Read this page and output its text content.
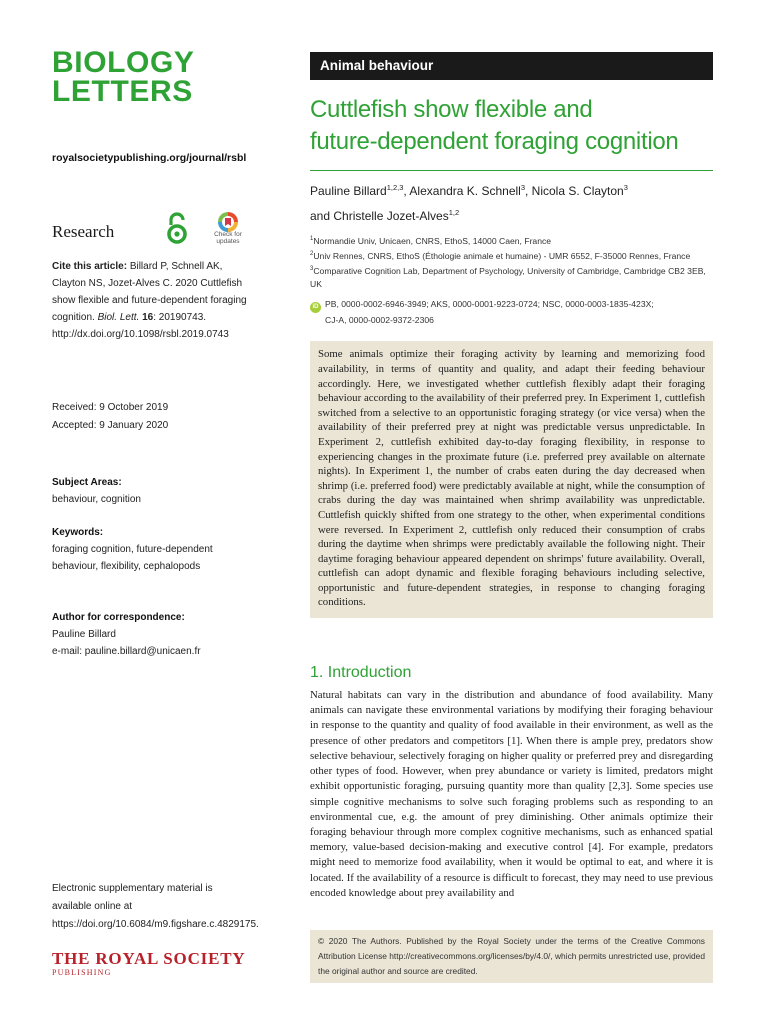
BIOLOGY
LETTERS
royalsocietypublishing.org/journal/rsbl
Research	Check for updates
Cite this article: Billard P, Schnell AK, Clayton NS, Jozet-Alves C. 2020 Cuttlefish show flexible and future-dependent foraging cognition. Biol. Lett. 16: 20190743.
http://dx.doi.org/10.1098/rsbl.2019.0743
Received: 9 October 2019
Accepted: 9 January 2020
Subject Areas:
behaviour, cognition
Keywords:
foraging cognition, future-dependent behaviour, flexibility, cephalopods
Author for correspondence:
Pauline Billard
e-mail: pauline.billard@unicaen.fr
Electronic supplementary material is available online at https://doi.org/10.6084/m9.figshare.c.4829175.
THE ROYAL SOCIETY
PUBLISHING
Animal behaviour
Cuttlefish show flexible and
future-dependent foraging cognition
Pauline Billard$^{1,2,3}$, Alexandra K. Schnell$^3$, Nicola S. Clayton$^3$
and Christelle Jozet-Alves$^{1,2}$
$^1$Normandie Univ, Unicaen, CNRS, EthoS, 14000 Caen, France
$^2$Univ Rennes, CNRS, EthoS (Éthologie animale et humaine) - UMR 6552, F-35000 Rennes, France
$^3$Comparative Cognition Lab, Department of Psychology, University of Cambridge, Cambridge CB2 3EB, UK
iD PB, 0000-0002-6946-3949; AKS, 0000-0001-9223-0724; NSC, 0000-0003-1835-423X;
CJ-A, 0000-0002-9372-2306
Some animals optimize their foraging activity by learning and memorizing food availability, in terms of quantity and quality, and adapt their feeding behaviour accordingly. Here, we investigated whether cuttlefish flexibly adapt their foraging behaviour according to the availability of their preferred prey. In Experiment 1, cuttlefish switched from a selective to an opportunistic foraging strategy (or vice versa) when the availability of their preferred prey at night was predictable versus unpredictable. In Experiment 2, cuttlefish exhibited day-to-day foraging flexibility, in response to experiencing changes in the proximate future (i.e. preferred prey available on alternate nights). In Experiment 1, the number of crabs eaten during the day decreased when shrimp (i.e. preferred food) were predictably available at night, while the consumption of crabs during the day was maintained when shrimp availability was unpredictable. Cuttlefish quickly shifted from one strategy to the other, when experimental conditions were reversed. In Experiment 2, cuttlefish only reduced their consumption of crabs during the daytime when shrimps were predictably available the following night. Their daytime foraging behaviour appeared dependent on shrimps' future availability. Overall, cuttlefish can adopt dynamic and flexible foraging behaviours including selective, opportunistic and future-dependent strategies, in response to changing foraging conditions.
1. Introduction
Natural habitats can vary in the distribution and abundance of food availability. Many animals can navigate these environmental variations by modifying their foraging behaviour in response to the quantity and quality of food available in their environment, as well as the presence of other predators and competitors [1]. When there is ample prey, predators show selective behaviour, selectively foraging on higher quality or preferred prey and disregarding other types of food. However, when prey abundance or variety is limited, predators might exhibit opportunistic foraging, pursuing quantity more than quality [2,3]. Some species use simple cognitive mechanisms to solve such foraging problems such as responding to an environmental cue, e.g. the amount of prey diminishing. Other animals optimize their foraging behaviour through more complex cognitive mechanisms, such as enhanced spatial memory, value-based decision-making and executive control [4]. For example, predators might need to memorize food availability, when it would be optimal to eat, and where it is located. If the availability of a resource is difficult to forecast, they may need to use previous encoded knowledge about prey availability and
© 2020 The Authors. Published by the Royal Society under the terms of the Creative Commons Attribution License http://creativecommons.org/licenses/by/4.0/, which permits unrestricted use, provided the original author and source are credited.
